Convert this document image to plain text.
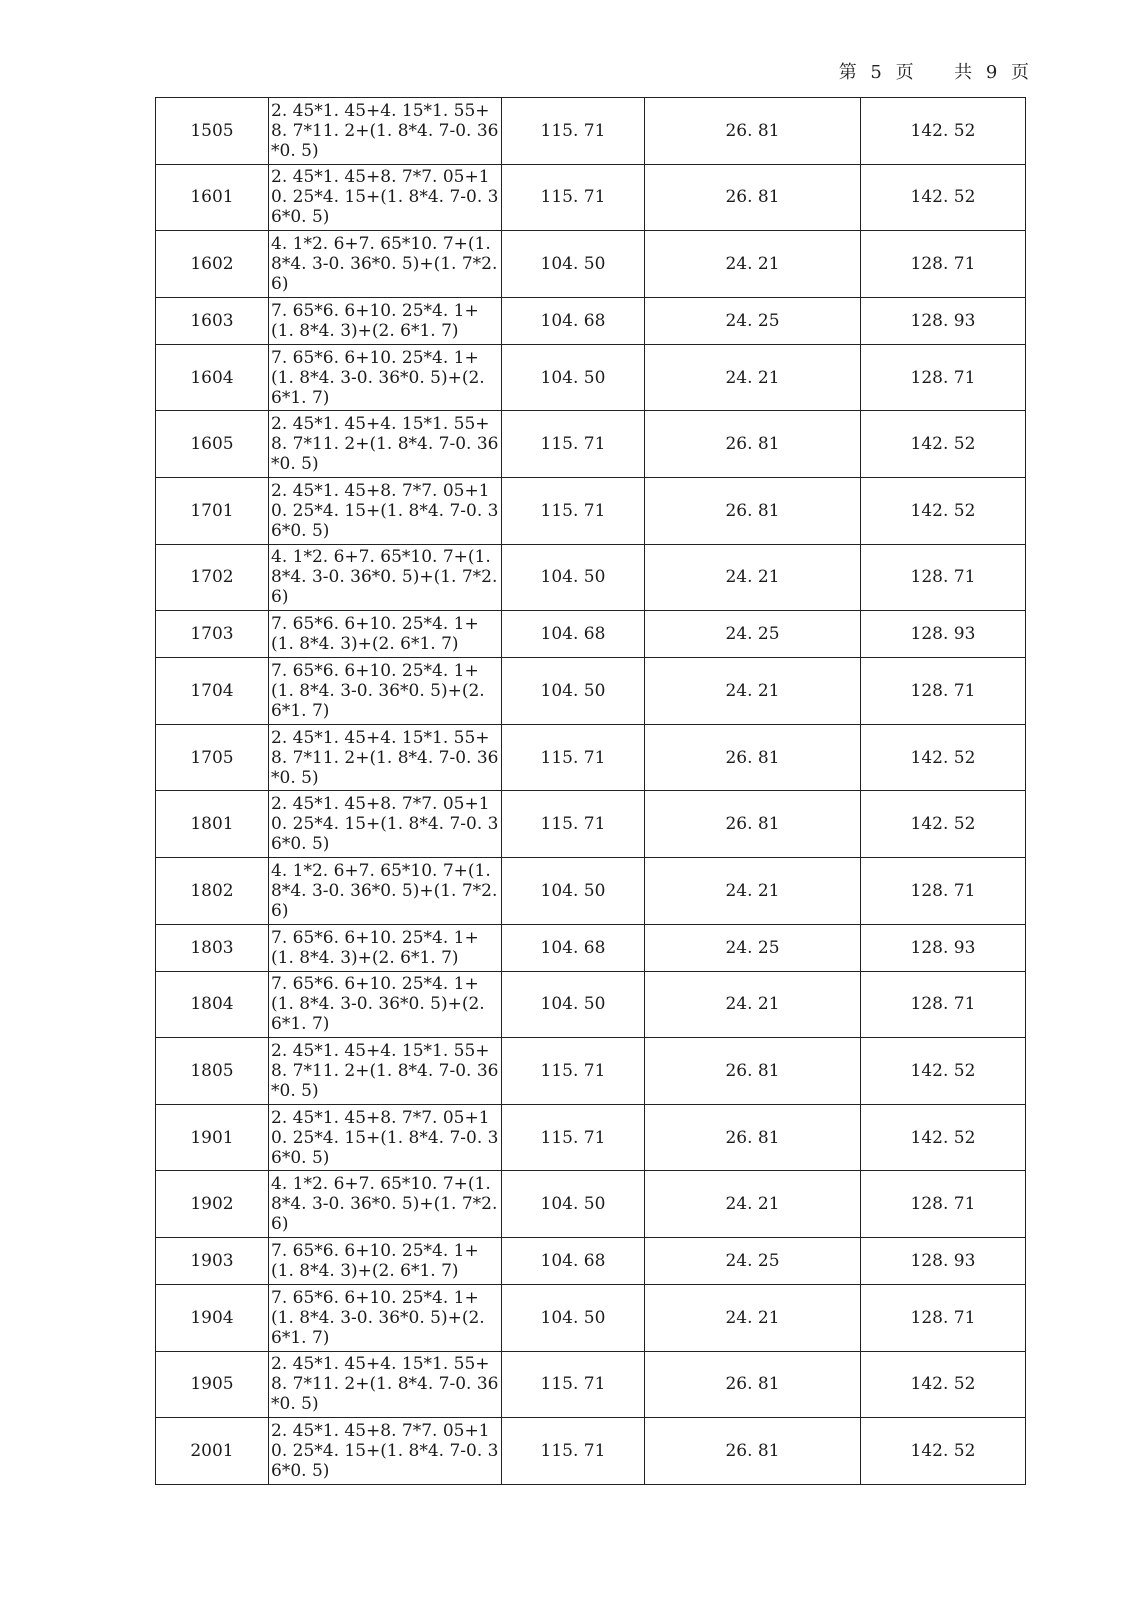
第 5 页 共 9 页
1505	2. 45*1. 45+4. 15*1. 55+8. 7*11. 2+(1. 8*4. 7-0. 36*0. 5)	115. 71	26. 81	142. 52
1601	2. 45*1. 45+8. 7*7. 05+10. 25*4. 15+(1. 8*4. 7-0. 36*0. 5)	115. 71	26. 81	142. 52
1602	4. 1*2. 6+7. 65*10. 7+(1. 8*4. 3-0. 36*0. 5)+(1. 7*2. 6)	104. 50	24. 21	128. 71
1603	7. 65*6. 6+10. 25*4. 1+(1. 8*4. 3)+(2. 6*1. 7)	104. 68	24. 25	128. 93
1604	7. 65*6. 6+10. 25*4. 1+(1. 8*4. 3-0. 36*0. 5)+(2. 6*1. 7)	104. 50	24. 21	128. 71
1605	2. 45*1. 45+4. 15*1. 55+8. 7*11. 2+(1. 8*4. 7-0. 36*0. 5)	115. 71	26. 81	142. 52
1701	2. 45*1. 45+8. 7*7. 05+10. 25*4. 15+(1. 8*4. 7-0. 36*0. 5)	115. 71	26. 81	142. 52
1702	4. 1*2. 6+7. 65*10. 7+(1. 8*4. 3-0. 36*0. 5)+(1. 7*2. 6)	104. 50	24. 21	128. 71
1703	7. 65*6. 6+10. 25*4. 1+(1. 8*4. 3)+(2. 6*1. 7)	104. 68	24. 25	128. 93
1704	7. 65*6. 6+10. 25*4. 1+(1. 8*4. 3-0. 36*0. 5)+(2. 6*1. 7)	104. 50	24. 21	128. 71
1705	2. 45*1. 45+4. 15*1. 55+8. 7*11. 2+(1. 8*4. 7-0. 36*0. 5)	115. 71	26. 81	142. 52
1801	2. 45*1. 45+8. 7*7. 05+10. 25*4. 15+(1. 8*4. 7-0. 36*0. 5)	115. 71	26. 81	142. 52
1802	4. 1*2. 6+7. 65*10. 7+(1. 8*4. 3-0. 36*0. 5)+(1. 7*2. 6)	104. 50	24. 21	128. 71
1803	7. 65*6. 6+10. 25*4. 1+(1. 8*4. 3)+(2. 6*1. 7)	104. 68	24. 25	128. 93
1804	7. 65*6. 6+10. 25*4. 1+(1. 8*4. 3-0. 36*0. 5)+(2. 6*1. 7)	104. 50	24. 21	128. 71
1805	2. 45*1. 45+4. 15*1. 55+8. 7*11. 2+(1. 8*4. 7-0. 36*0. 5)	115. 71	26. 81	142. 52
1901	2. 45*1. 45+8. 7*7. 05+10. 25*4. 15+(1. 8*4. 7-0. 36*0. 5)	115. 71	26. 81	142. 52
1902	4. 1*2. 6+7. 65*10. 7+(1. 8*4. 3-0. 36*0. 5)+(1. 7*2. 6)	104. 50	24. 21	128. 71
1903	7. 65*6. 6+10. 25*4. 1+(1. 8*4. 3)+(2. 6*1. 7)	104. 68	24. 25	128. 93
1904	7. 65*6. 6+10. 25*4. 1+(1. 8*4. 3-0. 36*0. 5)+(2. 6*1. 7)	104. 50	24. 21	128. 71
1905	2. 45*1. 45+4. 15*1. 55+8. 7*11. 2+(1. 8*4. 7-0. 36*0. 5)	115. 71	26. 81	142. 52
2001	2. 45*1. 45+8. 7*7. 05+10. 25*4. 15+(1. 8*4. 7-0. 36*0. 5)	115. 71	26. 81	142. 52
